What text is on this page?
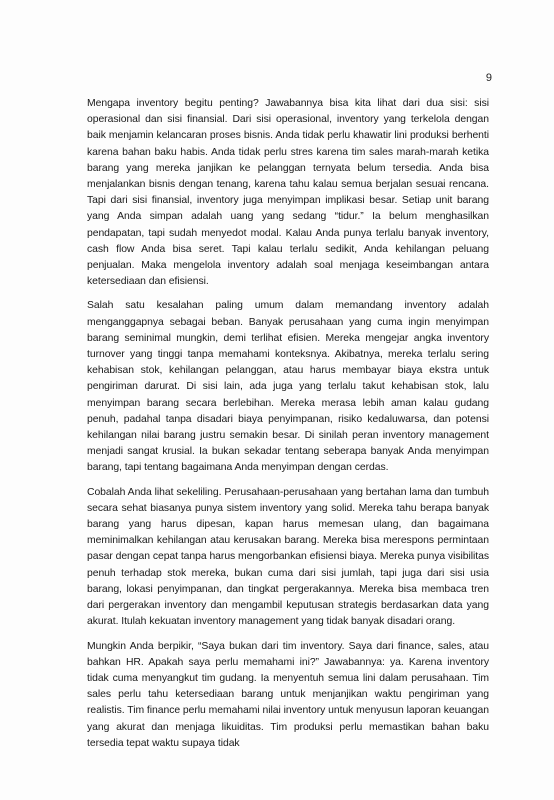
9

Mengapa inventory begitu penting? Jawabannya bisa kita lihat dari dua sisi: sisi operasional dan sisi finansial. Dari sisi operasional, inventory yang terkelola dengan baik menjamin kelancaran proses bisnis. Anda tidak perlu khawatir lini produksi berhenti karena bahan baku habis. Anda tidak perlu stres karena tim sales marah-marah ketika barang yang mereka janjikan ke pelanggan ternyata belum tersedia. Anda bisa menjalankan bisnis dengan tenang, karena tahu kalau semua berjalan sesuai rencana. Tapi dari sisi finansial, inventory juga menyimpan implikasi besar. Setiap unit barang yang Anda simpan adalah uang yang sedang “tidur.” Ia belum menghasilkan pendapatan, tapi sudah menyedot modal. Kalau Anda punya terlalu banyak inventory, cash flow Anda bisa seret. Tapi kalau terlalu sedikit, Anda kehilangan peluang penjualan. Maka mengelola inventory adalah soal menjaga keseimbangan antara ketersediaan dan efisiensi.

Salah satu kesalahan paling umum dalam memandang inventory adalah menganggapnya sebagai beban. Banyak perusahaan yang cuma ingin menyimpan barang seminimal mungkin, demi terlihat efisien. Mereka mengejar angka inventory turnover yang tinggi tanpa memahami konteksnya. Akibatnya, mereka terlalu sering kehabisan stok, kehilangan pelanggan, atau harus membayar biaya ekstra untuk pengiriman darurat. Di sisi lain, ada juga yang terlalu takut kehabisan stok, lalu menyimpan barang secara berlebihan. Mereka merasa lebih aman kalau gudang penuh, padahal tanpa disadari biaya penyimpanan, risiko kedaluwarsa, dan potensi kehilangan nilai barang justru semakin besar. Di sinilah peran inventory management menjadi sangat krusial. Ia bukan sekadar tentang seberapa banyak Anda menyimpan barang, tapi tentang bagaimana Anda menyimpan dengan cerdas.

Cobalah Anda lihat sekeliling. Perusahaan-perusahaan yang bertahan lama dan tumbuh secara sehat biasanya punya sistem inventory yang solid. Mereka tahu berapa banyak barang yang harus dipesan, kapan harus memesan ulang, dan bagaimana meminimalkan kehilangan atau kerusakan barang. Mereka bisa merespons permintaan pasar dengan cepat tanpa harus mengorbankan efisiensi biaya. Mereka punya visibilitas penuh terhadap stok mereka, bukan cuma dari sisi jumlah, tapi juga dari sisi usia barang, lokasi penyimpanan, dan tingkat pergerakannya. Mereka bisa membaca tren dari pergerakan inventory dan mengambil keputusan strategis berdasarkan data yang akurat. Itulah kekuatan inventory management yang tidak banyak disadari orang.

Mungkin Anda berpikir, “Saya bukan dari tim inventory. Saya dari finance, sales, atau bahkan HR. Apakah saya perlu memahami ini?” Jawabannya: ya. Karena inventory tidak cuma menyangkut tim gudang. Ia menyentuh semua lini dalam perusahaan. Tim sales perlu tahu ketersediaan barang untuk menjanjikan waktu pengiriman yang realistis. Tim finance perlu memahami nilai inventory untuk menyusun laporan keuangan yang akurat dan menjaga likuiditas. Tim produksi perlu memastikan bahan baku tersedia tepat waktu supaya tidak
